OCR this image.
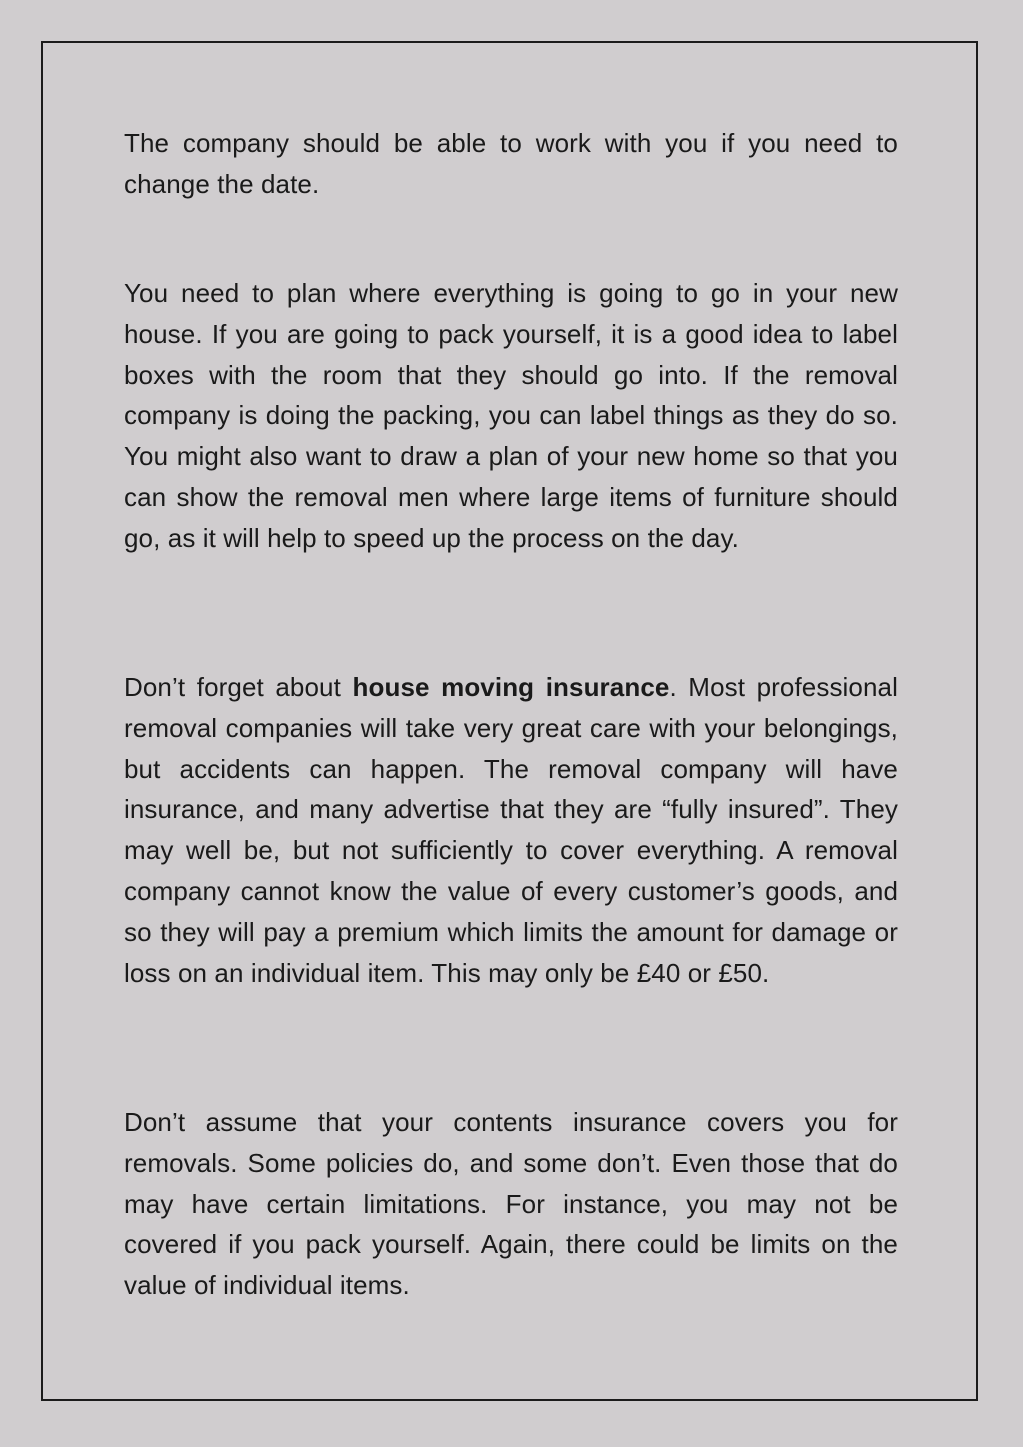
The company should be able to work with you if you need to change the date.

You need to plan where everything is going to go in your new house. If you are going to pack yourself, it is a good idea to label boxes with the room that they should go into. If the removal company is doing the packing, you can label things as they do so. You might also want to draw a plan of your new home so that you can show the removal men where large items of furniture should go, as it will help to speed up the process on the day.

Don’t forget about house moving insurance. Most professional removal companies will take very great care with your belongings, but accidents can happen. The removal company will have insurance, and many advertise that they are “fully insured”. They may well be, but not sufficiently to cover everything. A removal company cannot know the value of every customer’s goods, and so they will pay a premium which limits the amount for damage or loss on an individual item. This may only be £40 or £50.

Don’t assume that your contents insurance covers you for removals. Some policies do, and some don’t. Even those that do may have certain limitations. For instance, you may not be covered if you pack yourself. Again, there could be limits on the value of individual items.
